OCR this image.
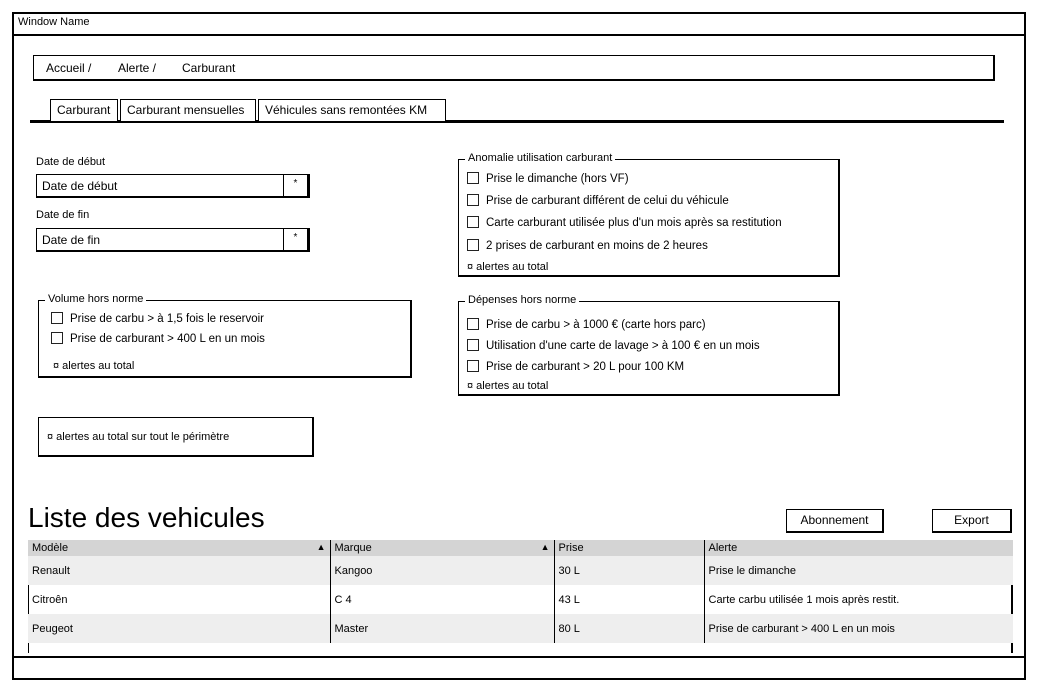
Window Name
Accueil / Alerte / Carburant
Carburant	Carburant mensuelles	Véhicules sans remontées KM
Date de début
Date de début	*
Date de fin
Date de fin	*
Volume hors norme
Prise de carbu > à 1,5 fois le reservoir
Prise de carburant > 400 L en un mois
¤ alertes au total
¤ alertes au total sur tout le périmètre
Anomalie utilisation carburant
Prise le dimanche (hors VF)
Prise de carburant différent de celui du véhicule
Carte carburant utilisée plus d'un mois après sa restitution
2 prises de carburant en moins de 2 heures
¤ alertes au total
Dépenses hors norme
Prise de carbu > à 1000 € (carte hors parc)
Utilisation d'une carte de lavage > à 100 € en un mois
Prise de carburant > 20 L pour 100 KM
¤ alertes au total
Liste des vehicules	Abonnement	Export
Modèle ▲	Marque ▲	Prise	Alerte
Renault	Kangoo	30 L	Prise le dimanche
Citroên	C 4	43 L	Carte carbu utilisée 1 mois après restit.
Peugeot	Master	80 L	Prise de carburant > 400 L en un mois
